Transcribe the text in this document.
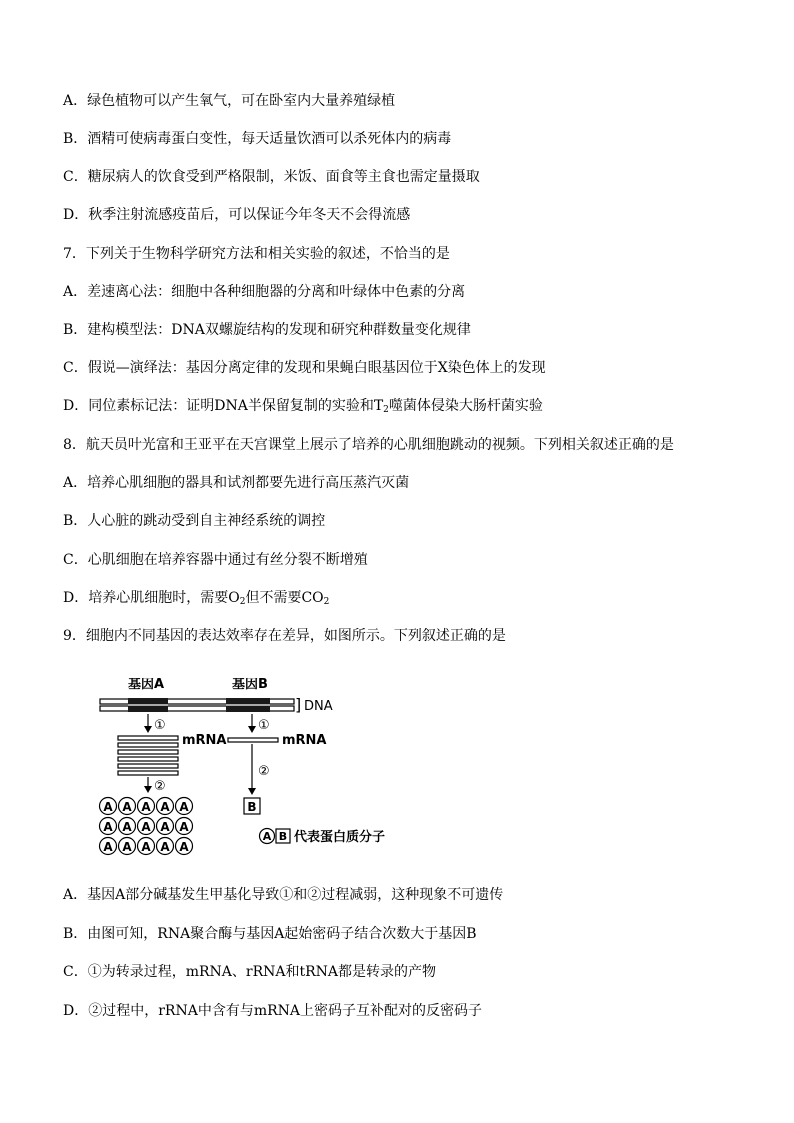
A．绿色植物可以产生氧气，可在卧室内大量养殖绿植
B．酒精可使病毒蛋白变性，每天适量饮酒可以杀死体内的病毒
C．糖尿病人的饮食受到严格限制，米饭、面食等主食也需定量摄取
D．秋季注射流感疫苗后，可以保证今年冬天不会得流感
7．下列关于生物科学研究方法和相关实验的叙述，不恰当的是
A．差速离心法：细胞中各种细胞器的分离和叶绿体中色素的分离
B．建构模型法：DNA双螺旋结构的发现和研究种群数量变化规律
C．假说—演绎法：基因分离定律的发现和果蝇白眼基因位于X染色体上的发现
D．同位素标记法：证明DNA半保留复制的实验和$T_2$噬菌体侵染大肠杆菌实验
8．航天员叶光富和王亚平在天宫课堂上展示了培养的心肌细胞跳动的视频。下列相关叙述正确的是
A．培养心肌细胞的器具和试剂都要先进行高压蒸汽灭菌
B．人心脏的跳动受到自主神经系统的调控
C．心肌细胞在培养容器中通过有丝分裂不断增殖
D．培养心肌细胞时，需要$O_2$但不需要$CO_2$
9．细胞内不同基因的表达效率存在差异，如图所示。下列叙述正确的是
基因A	基因B
] DNA
①	①
mRNA	mRNA
②
②
A A A A A
A A A A A
A A A A A
B
A B 代表蛋白质分子
A．基因A部分碱基发生甲基化导致①和②过程减弱，这种现象不可遗传
B．由图可知，RNA聚合酶与基因A起始密码子结合次数大于基因B
C．①为转录过程，mRNA、rRNA和tRNA都是转录的产物
D．②过程中，rRNA中含有与mRNA上密码子互补配对的反密码子
